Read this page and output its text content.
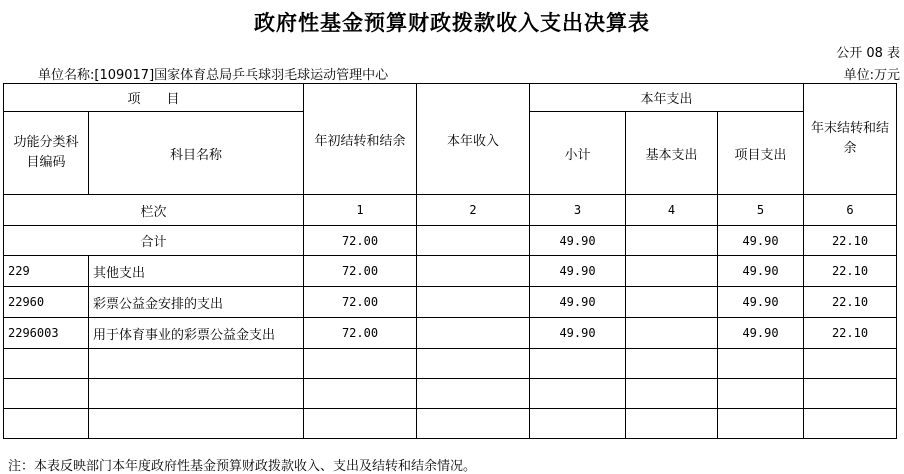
政府性基金预算财政拨款收入支出决算表
公开 08 表
单位名称:[109017]国家体育总局乒乓球羽毛球运动管理中心	单位:万元
项　　目		年初结转和结余	本年收入	本年支出			年末结转和结余
功能分类科目编码	科目名称			小计	基本支出	项目支出	
栏次		1	2	3	4	5	6
合计		72.00		49.90		49.90	22.10
229	其他支出	72.00		49.90		49.90	22.10
22960	彩票公益金安排的支出	72.00		49.90		49.90	22.10
2296003	用于体育事业的彩票公益金支出	72.00		49.90		49.90	22.10

注：本表反映部门本年度政府性基金预算财政拨款收入、支出及结转和结余情况。
